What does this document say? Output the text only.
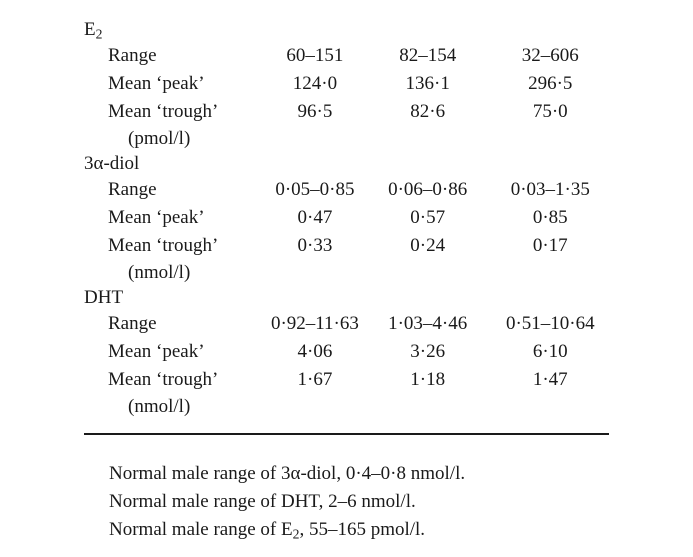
$E_2$
Range	60–151	82–154	32–606
Mean ‘peak’	124·0	136·1	296·5
Mean ‘trough’	96·5	82·6	75·0
(pmol/l)
3α-diol
Range	0·05–0·85	0·06–0·86	0·03–1·35
Mean ‘peak’	0·47	0·57	0·85
Mean ‘trough’	0·33	0·24	0·17
(nmol/l)
DHT
Range	0·92–11·63	1·03–4·46	0·51–10·64
Mean ‘peak’	4·06	3·26	6·10
Mean ‘trough’	1·67	1·18	1·47
(nmol/l)
Normal male range of 3α-diol, 0·4–0·8 nmol/l.
Normal male range of DHT, 2–6 nmol/l.
Normal male range of $E_2$, 55–165 pmol/l.
